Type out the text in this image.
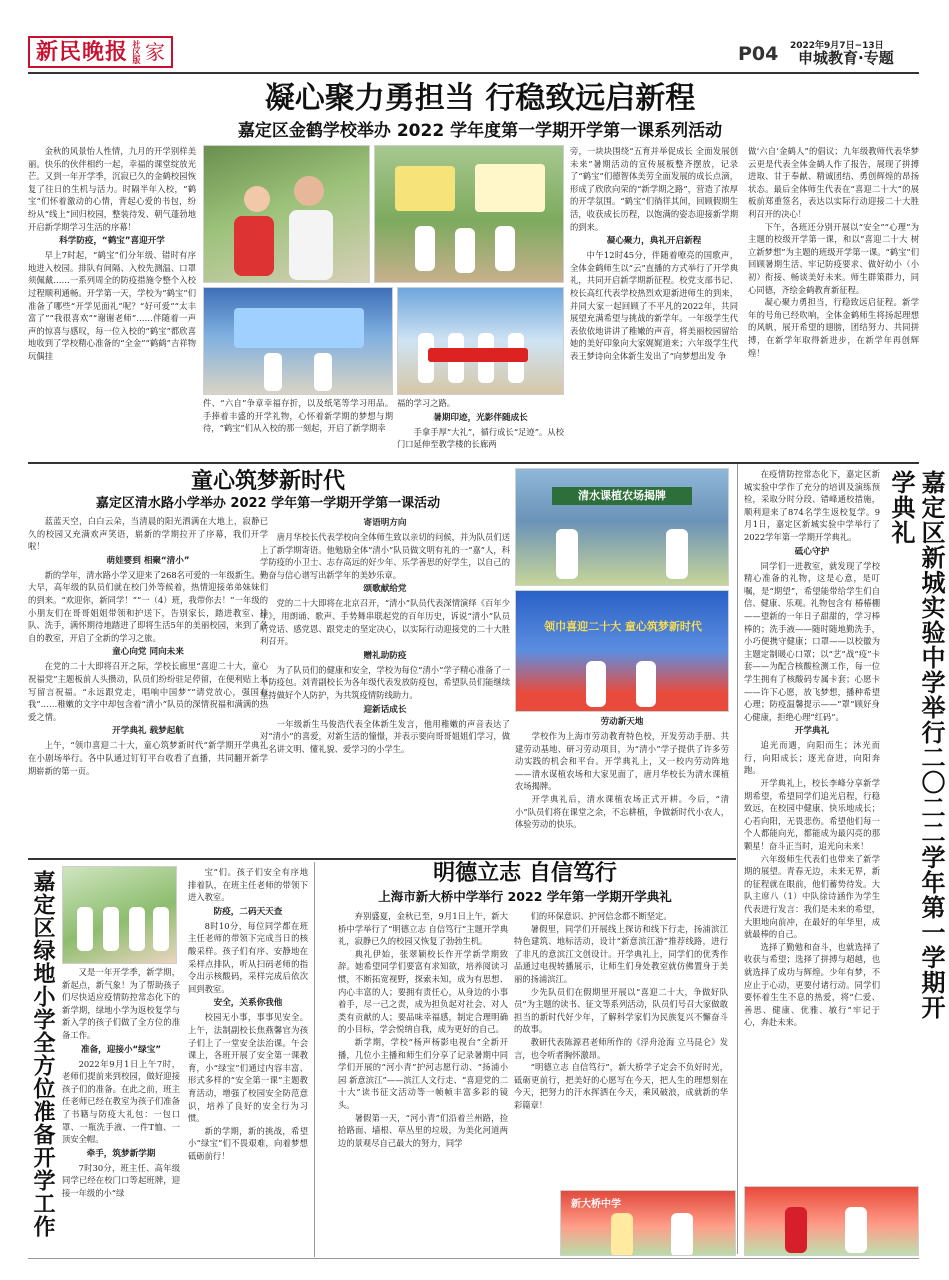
新民晚报 社区版 家	2022年9月7日−13日
P04 申城教育·专题
凝心聚力勇担当 行稳致远启新程
嘉定区金鹤学校举办 2022 学年度第一学期开学第一课系列活动

金秋的风景怡人性情，九月的开学别样美丽。快乐的伙伴相约一起，幸福的课堂绽放光芒。又到一年开学季，沉寂已久的金鹤校园恢复了往日的生机与活力。时隔半年入校，“鹤宝”们怀着激动的心情，背起心爱的书包，纷纷从“线上”回归校园，整装待发、朝气蓬勃地开启新学期学习生活的序幕！

科学防疫，“鹤宝”喜迎开学

早上7时起，“鹤宝”们分年级、错时有序地进入校园。排队有间隔、入校先测温、口罩须佩戴……一系列周全的防疫措施令整个入校过程顺利通畅。开学第一天，学校为“鹤宝”们准备了哪些“开学见面礼”呢？“好可爱”“太丰富了”“我很喜欢”“谢谢老师”……伴随着一声声的惊喜与感叹，每一位入校的“鹤宝”都欣喜地收到了学校精心准备的“全金”“鹤鹤”吉祥物玩偶挂

件、“六自”争章幸福存折，以及纸笔等学习用品。手捧着丰盛的开学礼物，心怀着新学期的梦想与期待，“鹤宝”们从入校的那一刻起，开启了新学期幸

福的学习之路。

暑期印迹，光影伴随成长

手拿手厚“大礼”，循行成长“足迹”。从校门口延伸至教学楼的长廊两

旁，一块块围绕“五育并举促成长 全面发展创未来”暑期活动的宣传展板整齐摆放，记录了“鹤宝”们德智体美劳全面发展的成长点滴，形成了欣欣向荣的“新学期之路”，营造了浓厚的开学氛围。“鹤宝”们徜徉其间，回顾假期生活，收获成长历程，以饱满的姿态迎接新学期的到来。

凝心聚力，典礼开启新程

中午12时45分，伴随着嘹亮的国歌声，全体金鹤师生以“云”直播的方式举行了开学典礼，共同开启新学期新征程。校党支部书记、校长高红代表学校热烈欢迎新进师生的到来，并同大家一起回顾了不平凡的2022年，共同展望充满希望与挑战的新学年。一年级学生代表依依地讲讲了稚嫩的声音，将美丽校园留给她的美好印象向大家娓娓道来；六年级学生代表王梦诗向全体新生发出了“向梦想出发 争

做‘六自’金鹤人”的倡议；九年级教师代表华梦云更是代表全体金鹤人作了报告，展现了拼搏进取、甘于奉献、精诚团结、勇创辉煌的昂扬状态。最后全体师生代表在“喜迎二十大”的展板前郑重签名，表达以实际行动迎接二十大胜利召开的决心！

下午，各班还分别开展以“安全”“心理”为主题的校级开学第一课，和以“喜迎二十大 树立新梦想”为主题的班级开学第一课。“鹤宝”们回顾暑期生活、牢记防疫要求、做好幼小（小初）衔接、畅谈美好未来。师生群策群力，同心同德，齐绘金鹤教育新征程。

凝心聚力勇担当，行稳致远启征程。新学年的号角已经吹响，全体金鹤师生将扬起理想的风帆，展开希望的翅膀，团结努力、共同拼搏，在新学年取得新进步，在新学年再创辉煌！

童心筑梦新时代
嘉定区清水路小学举办 2022 学年第一学期开学第一课活动

蓝蓝天空，白白云朵，当清晨的阳光洒满在大地上，寂静已久的校园又充满欢声笑语，崭新的学期拉开了序幕，我们开学啦！

萌娃婴到 相聚“清小”

新的学年，清水路小学又迎来了268名可爱的一年级新生。一大早，高年级的队员们就在校门外等候着，热情迎接弟弟妹妹们的到来。“欢迎你，新同学！”“一（4）班，我带你去！”一年级的小朋友们在哥哥姐姐带领和护送下，告别家长，踏进教室、排队、洗手，满怀期待地踏进了即将生活5年的美丽校园，来到了各自的教室，开启了全新的学习之旅。

童心向党 同向未来

在党的二十大即将召开之际，学校长廊里“喜迎二十大，童心祝福党”主题板前人头攒动，队员们纷纷驻足停留，在便利贴上书写留言祝福。“永远跟党走，唱响中国梦”“请党放心，强国有我”……稚嫩的文字中却包含着“清小”队员的深情祝福和满满的热爱之情。

开学典礼 载梦起航

上午，“领巾喜迎二十大，童心筑梦新时代”新学期开学典礼在小剧场举行。各中队通过钉钉平台收看了直播，共同翻开新学期崭新的第一页。

寄语明方向

唐月华校长代表学校向全体师生致以亲切的问候，并为队员们送上了新学期寄语。他勉励全体“清小”队员做文明有礼的一“嘉”人，科学防疫的小卫士、志存高远的好少年、乐学善思的好学生，以自己的勤奋与信心谱写出新学年的美妙乐章。

颂歌献给党

党的二十大即将在北京召开，“清小”队员代表深情演绎《百年少年》，用朗诵、歌声、手势舞串联起党的百年历史，诉说“清小”队员听党话、感党恩、跟党走的坚定决心，以实际行动迎接党的二十大胜利召开。

赠礼助防疫

为了队员们的健康和安全，学校为每位“清小”学子精心准备了一个防疫包。刘青副校长为各年级代表发放防疫包，希望队员们能继续坚持做好个人防护，为共筑疫情防线助力。

迎新话成长

一年级新生马俊浩代表全体新生发言，他用稚嫩的声音表达了对“清小”的喜爱，对新生活的憧憬，并表示要向哥哥姐姐们学习，做一名讲文明、懂礼貌、爱学习的小学生。

清水课植农场揭牌
领巾喜迎二十大 童心筑梦新时代
劳动新天地

学校作为上海市劳动教育特色校，开发劳动手册、共建劳动基地、研习劳动项目，为“清小”学子提供了许多劳动实践的机会和平台。开学典礼上，又一校内劳动阵地——清水谋植农场和大家见面了，唐月华校长为清水课植农场揭牌。

开学典礼后，清水课植农场正式开耕。今后，“清小”队员们将在课堂之余，不忘耕植，争做新时代小农人，体验劳动的快乐。	嘉定区新城实验中学举行二〇二二学年第一学期开学典礼

在疫情防控常态化下，嘉定区新城实验中学作了充分的培训及演练预检，采取分时分段、错峰通校措施，顺利迎来了874名学生返校复学。9月1日，嘉定区新城实验中学举行了2022学年第一学期开学典礼。

砥心守护

同学们一进教室，就发现了学校精心准备的礼物，这是心意，是叮嘱，是“期望”，希望能带给学生们自信、健康、乐观。礼物包含有 椿椿棚——望新的一年日子甜甜的，学习棒棒的；洗手液——随时随地勤洗手，小巧便携守健康；口罩——以校徽为主题定制暖心口罩；以“艺”战“疫”卡套——为配合核酸检测工作，每一位学生拥有了核酸码专属卡套；心愿卡——许下心愿，放飞梦想，播种希望心理；防疫温馨提示——“罩”顾好身心健康，拒绝心理“红码”。

开学典礼

追光而遇，向阳而生；沐光而行，向阳成长；逐光奋进，向阳奔跑。

开学典礼上，校长李峰分享新学期希望，希望同学们追光启程，行稳致远，在校园中健康、快乐地成长；心若向阳，无畏悲伤。希望他们每一个人都能向光，都能成为最闪亮的那颗星！奋斗正当时，追光向未来！

六年级师生代表们也带来了新学期的展望。青春无边，未来无界，新的征程就在眼前，他们蓄势待发。大队主席八（1）中队徐诗涵作为学生代表进行发言：我们是未来的希望，大胆地向前冲，在最好的年华里，成就最棒的自己。

选择了勤勉和奋斗，也就选择了收获与希望；选择了拼搏与超越，也就选择了成功与辉煌。少年有梦，不应止于心动，更要付诸行动。同学们要怀着生生不息的热爱，将“仁爱、善思、健康、优雅、敏行”牢记于心，奔赴未来。

嘉定区绿地小学全方位准备开学工作	又是一年开学季，新学期，新起点，新气象！为了帮助孩子们尽快适应疫情防控常态化下的新学期，绿地小学为返校复学与新入学的孩子们做了全方位的准备工作。

准备，迎接小“绿宝”

2022年9月1日上午7时，老师们提前来到校园，做好迎接孩子们的准备。在此之前，班主任老师已经在教室为孩子们准备了书籍与防疫大礼包：一包口罩、一瓶洗手液、一件T恤、一顶安全帽。

牵手，筑梦新学期

7时30分，班主任、高年级同学已经在校门口等起班牌，迎接一年级的小“绿

宝”们。孩子们安全有序地排着队，在班主任老师的带领下进入教室。

防疫，二码天天查

8时10分，每位同学都在班主任老师的带领下完成当日的核酸采样。孩子们有序、安静地在采样点排队，听从扫码老师的指令出示核酸码，采样完成后依次回到教室。

安全，关系你我他

校园无小事，事事见安全。上午，法制副校长焦燕馨官为孩子们上了一堂安全法治课。午会课上，各班开展了安全第一课教育，小“绿宝”们通过内容丰富、形式多样的“安全第一课”主题教育活动，增强了校园安全防范意识，培养了良好的安全行为习惯。

新的学期，新的挑战，希望小“绿宝”们不畏艰难，向着梦想砥砺前行！

明德立志 自信笃行
上海市新大桥中学举行 2022 学年第一学期开学典礼

弃别盛夏，金秋已至，9月1日上午，新大桥中学举行了“明德立志 自信笃行”主题开学典礼，寂静已久的校园又恢复了勃勃生机。

典礼伊始，张翠颖校长作开学新学期致辞。她希望同学们要富有求知欲，培养阅读习惯，不断拓宽视野，探索未知，成为有思想、内心丰富的人；要拥有责任心，从身边的小事着手，尽一己之责，成为担负起对社会、对人类有贡献的人；要品味幸福感，制定合理明确的小目标，学会悦纳自我，成为更好的自己。

新学期，学校“杨声杨影电视台”全新开播，几位小主播和师生们分享了记录暑期中同学们开展的“河小青”护河志愿行动、“扬浦小园 新意滨江”——滨江人文行走、“喜迎党的二十大”读书征文活动等一帧帧丰富多彩的镜头。

暑假第一天，“河小青”们沿着兰州路，捡拾路面、墙根、草丛里的垃圾，为美化河道两边的景观尽自己最大的努力，同学

们的环保意识、护河信念都不断坚定。

暑假里，同学们开展线上探访和线下行走，扬浦滨江特色建筑、地标活动，设计“新意滨江游”推荐线路，进行了非凡的意滨江文创设计。开学典礼上，同学们的优秀作品通过电视转播展示，让师生们身处教室就仿佛置身于美丽的扬浦滨江。

少先队员们在假期里开展以“喜迎二十大，争做好队员”为主题的读书、征文等系列活动，队员们号召大家做敢担当的新时代好少年，了解科学家们为民族复兴不懈奋斗的故事。

教研代表陈源君老师所作的《浮舟沧海 立马昆仑》发言，也令听者胸怀激昂。

“明德立志 自信笃行”，新大桥学子定会不负好时光，砥砺更前行，把美好的心愿写在今天，把人生的理想刻在今天，把努力的汗水挥洒在今天，乘风破浪，成就新的华彩篇章！

新大桥中学
